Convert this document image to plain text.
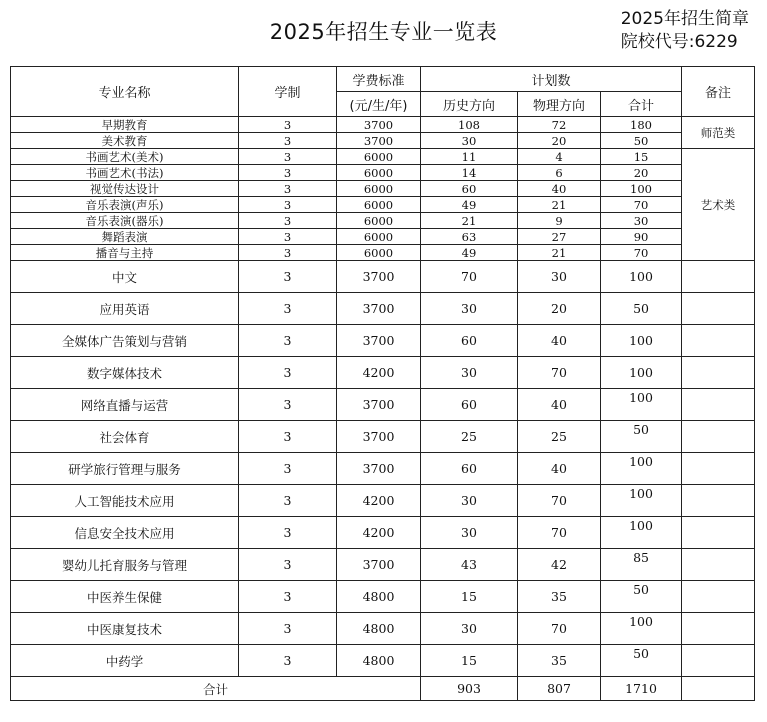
2025年招生专业一览表
2025年招生简章
院校代号:6229
专业名称	学制	学费标准	计划数			备注
		(元/生/年)	历史方向	物理方向	合计	
早期教育	3	3700	108	72	180	师范类
美术教育	3	3700	30	20	50	
书画艺术(美术)	3	6000	11	4	15	艺术类
书画艺术(书法)	3	6000	14	6	20	
视觉传达设计	3	6000	60	40	100	
音乐表演(声乐)	3	6000	49	21	70	
音乐表演(器乐)	3	6000	21	9	30	
舞蹈表演	3	6000	63	27	90	
播音与主持	3	6000	49	21	70	
中文	3	3700	70	30	100	
应用英语	3	3700	30	20	50	
全媒体广告策划与营销	3	3700	60	40	100	
数字媒体技术	3	4200	30	70	100	
网络直播与运营	3	3700	60	40	100	

社会体育	3	3700	25	25	50	

研学旅行管理与服务	3	3700	60	40	100	

人工智能技术应用	3	4200	30	70	100	

信息安全技术应用	3	4200	30	70	100	

婴幼儿托育服务与管理	3	3700	43	42	85	

中医养生保健	3	4800	15	35	50	

中医康复技术	3	4800	30	70	100	

中药学	3	4800	15	35	50	

合计			903	807	1710	
